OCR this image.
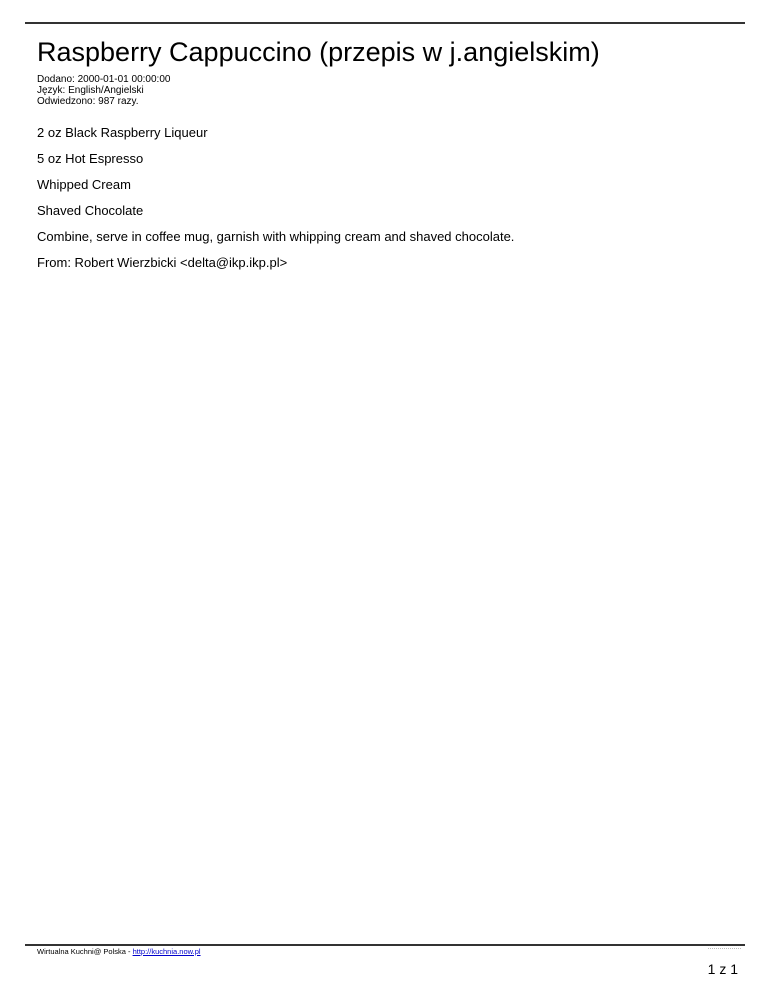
Raspberry Cappuccino (przepis w j.angielskim)
Dodano: 2000-01-01 00:00:00
Język: English/Angielski
Odwiedzono: 987 razy.

2 oz Black Raspberry Liqueur

5 oz Hot Espresso

Whipped Cream

Shaved Chocolate

Combine, serve in coffee mug, garnish with whipping cream and shaved chocolate.

From: Robert Wierzbicki <delta@ikp.ikp.pl>

Wirtualna Kuchni@ Polska - http://kuchnia.now.pl
1 z 1
